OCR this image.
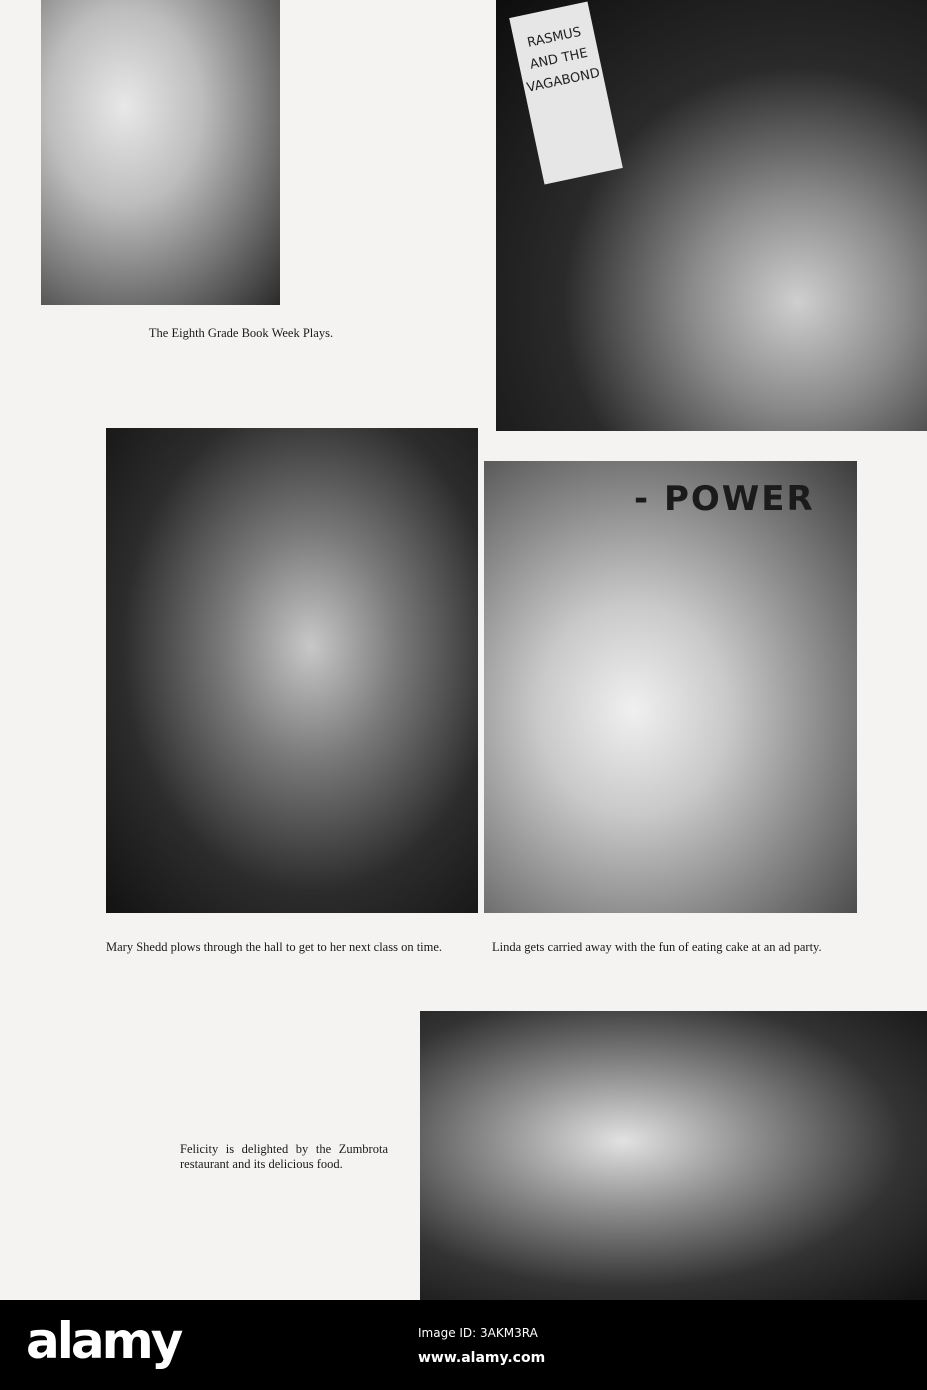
RASMUS
AND THE
VAGABOND
The Eighth Grade Book Week Plays.
- POWER
Mary Shedd plows through the hall to get to her next class on time.	Linda gets carried away with the fun of eating cake at an ad party.
Felicity is delighted by the Zumbrota restaurant and its delicious food.
alamy	Image ID: 3AKM3RA
www.alamy.com
